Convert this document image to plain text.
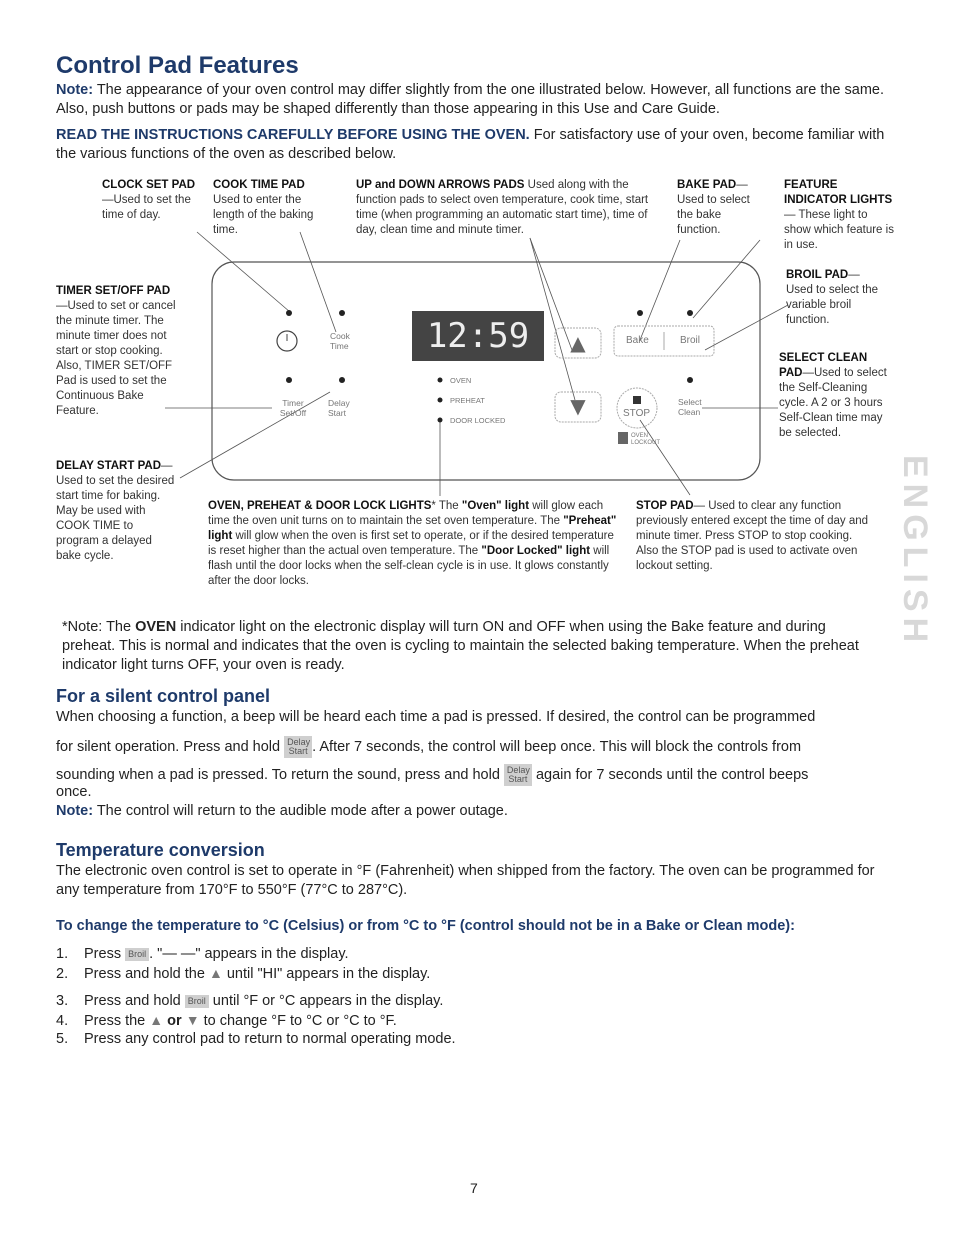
Control Pad Features

Note: The appearance of your oven control may differ slightly from the one illustrated below. However, all functions are the same. Also, push buttons or pads may be shaped differently than those appearing in this Use and Care Guide.

READ THE INSTRUCTIONS CAREFULLY BEFORE USING THE OVEN. For satisfactory use of your oven, become familiar with the various functions of the oven as described below.

CLOCK SET PAD—Used to set the time of day.
COOK TIME PAD
Used to enter the length of the baking time.
UP and DOWN ARROWS PADS Used along with the function pads to select oven temperature, cook time, start time (when programming an automatic start time), time of day, clean time and minute timer.
BAKE PAD—Used to select the bake function.
FEATURE INDICATOR LIGHTS— These light to show which feature is in use.
TIMER SET/OFF PAD—Used to set or cancel the minute timer. The minute timer does not start or stop cooking. Also, TIMER SET/OFF Pad is used to set the Continuous Bake Feature.
BROIL PAD— Used to select the variable broil function.
SELECT CLEAN PAD—Used to select the Self-Cleaning cycle. A 2 or 3 hours Self-Clean time may be selected.
DELAY START PAD—Used to set the desired start time for baking. May be used with COOK TIME to program a delayed bake cycle.
OVEN, PREHEAT & DOOR LOCK LIGHTS* The "Oven" light will glow each time the oven unit turns on to maintain the set oven temperature. The "Preheat" light will glow when the oven is first set to operate, or if the desired temperature is reset higher than the actual oven temperature. The "Door Locked" light will flash until the door locks when the self-clean cycle is in use. It glows constantly after the door locks.
STOP PAD— Used to clear any function previously entered except the time of day and minute timer. Press STOP to stop cooking. Also the STOP pad is used to activate oven lockout setting.
▲
▼
12:59
Cook Time
Timer Set/Off
Delay Start
OVEN
PREHEAT
DOOR LOCKED
Bake	Broil
STOP
Select Clean
OVEN LOCKOUT
ENGLISH
*Note: The OVEN indicator light on the electronic display will turn ON and OFF when using the Bake feature and during preheat. This is normal and indicates that the oven is cycling to maintain the selected baking temperature. When the preheat indicator light turns OFF, your oven is ready.
For a silent control panel

When choosing a function, a beep will be heard each time a pad is pressed. If desired, the control can be programmed

for silent operation. Press and hold Delay Start . After 7 seconds, the control will beep once. This will block the controls from

sounding when a pad is pressed. To return the sound, press and hold Delay Start again for 7 seconds until the control beeps

once.

Note: The control will return to the audible mode after a power outage.

Temperature conversion

The electronic oven control is set to operate in °F (Fahrenheit) when shipped from the factory. The oven can be programmed for any temperature from 170°F to 550°F (77°C to 287°C).

To change the temperature to °C (Celsius) or from °C to °F (control should not be in a Bake or Clean mode):

1. Press Broil . "— —" appears in the display.
2. Press and hold the ▲ until "HI" appears in the display.
3. Press and hold Broil until °F or °C appears in the display.
4. Press the ▲ or ▼ to change °F to °C or °C to °F.
5. Press any control pad to return to normal operating mode.
7
